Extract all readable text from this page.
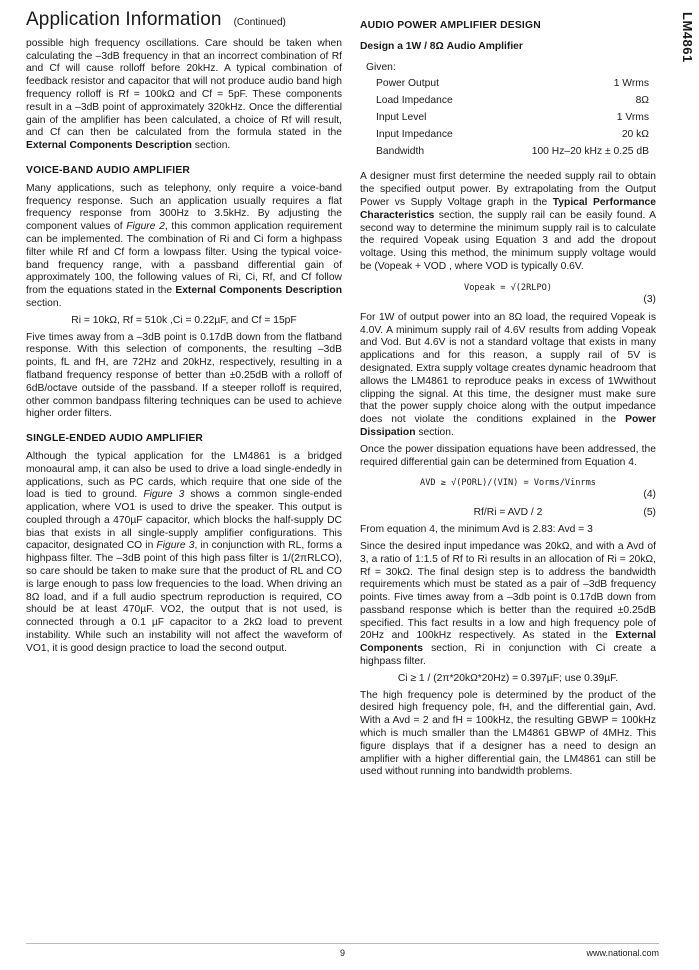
LM4861
Application Information (Continued)

possible high frequency oscillations. Care should be taken when calculating the –3dB frequency in that an incorrect combination of Rf and Cf will cause rolloff before 20kHz. A typical combination of feedback resistor and capacitor that will not produce audio band high frequency rolloff is Rf = 100kΩ and Cf = 5pF. These components result in a –3dB point of approximately 320kHz. Once the differential gain of the amplifier has been calculated, a choice of Rf will result, and Cf can then be calculated from the formula stated in the External Components Description section.

VOICE-BAND AUDIO AMPLIFIER

Many applications, such as telephony, only require a voice-band frequency response. Such an application usually requires a flat frequency response from 300Hz to 3.5kHz. By adjusting the component values of Figure 2, this common application requirement can be implemented. The combination of Ri and Ci form a highpass filter while Rf and Cf form a lowpass filter. Using the typical voice-band frequency range, with a passband differential gain of approximately 100, the following values of Ri, Ci, Rf, and Cf follow from the equations stated in the External Components Description section.

Ri = 10kΩ, Rf = 510k ,Ci = 0.22µF, and Cf = 15pF

Five times away from a –3dB point is 0.17dB down from the flatband response. With this selection of components, the resulting –3dB points, fL and fH, are 72Hz and 20kHz, respectively, resulting in a flatband frequency response of better than ±0.25dB with a rolloff of 6dB/octave outside of the passband. If a steeper rolloff is required, other common bandpass filtering techniques can be used to achieve higher order filters.

SINGLE-ENDED AUDIO AMPLIFIER

Although the typical application for the LM4861 is a bridged monoaural amp, it can also be used to drive a load single-endedly in applications, such as PC cards, which require that one side of the load is tied to ground. Figure 3 shows a common single-ended application, where VO1 is used to drive the speaker. This output is coupled through a 470µF capacitor, which blocks the half-supply DC bias that exists in all single-supply amplifier configurations. This capacitor, designated CO in Figure 3, in conjunction with RL, forms a highpass filter. The –3dB point of this high pass filter is 1/(2πRLCO), so care should be taken to make sure that the product of RL and CO is large enough to pass low frequencies to the load. When driving an 8Ω load, and if a full audio spectrum reproduction is required, CO should be at least 470µF. VO2, the output that is not used, is connected through a 0.1 µF capacitor to a 2kΩ load to prevent instability. While such an instability will not affect the waveform of VO1, it is good design practice to load the second output.

AUDIO POWER AMPLIFIER DESIGN
Design a 1W / 8Ω Audio Amplifier
Given:
Power Output	1 Wrms
Load Impedance	8Ω
Input Level	1 Vrms
Input Impedance	20 kΩ
Bandwidth	100 Hz–20 kHz ± 0.25 dB

A designer must first determine the needed supply rail to obtain the specified output power. By extrapolating from the Output Power vs Supply Voltage graph in the Typical Performance Characteristics section, the supply rail can be easily found. A second way to determine the minimum supply rail is to calculate the required Vopeak using Equation 3 and add the dropout voltage. Using this method, the minimum supply voltage would be (Vopeak + VOD , where VOD is typically 0.6V.

Vopeak = √(2RLPO)
(3)

For 1W of output power into an 8Ω load, the required Vopeak is 4.0V. A minimum supply rail of 4.6V results from adding Vopeak and Vod. But 4.6V is not a standard voltage that exists in many applications and for this reason, a supply rail of 5V is designated. Extra supply voltage creates dynamic headroom that allows the LM4861 to reproduce peaks in excess of 1Wwithout clipping the signal. At this time, the designer must make sure that the power supply choice along with the output impedance does not violate the conditions explained in the Power Dissipation section.

Once the power dissipation equations have been addressed, the required differential gain can be determined from Equation 4.

AVD ≥ √(PORL)/(VIN) = Vorms/Vinrms
(4)
Rf/Ri = AVD / 2	(5)

From equation 4, the minimum Avd is 2.83: Avd = 3

Since the desired input impedance was 20kΩ, and with a Avd of 3, a ratio of 1:1.5 of Rf to Ri results in an allocation of Ri = 20kΩ, Rf = 30kΩ. The final design step is to address the bandwidth requirements which must be stated as a pair of –3dB frequency points. Five times away from a –3db point is 0.17dB down from passband response which is better than the required ±0.25dB specified. This fact results in a low and high frequency pole of 20Hz and 100kHz respectively. As stated in the External Components section, Ri in conjunction with Ci create a highpass filter.

Ci ≥ 1 / (2π*20kΩ*20Hz) = 0.397µF; use 0.39µF.

The high frequency pole is determined by the product of the desired high frequency pole, fH, and the differential gain, Avd. With a Avd = 2 and fH = 100kHz, the resulting GBWP = 100kHz which is much smaller than the LM4861 GBWP of 4MHz. This figure displays that if a designer has a need to design an amplifier with a higher differential gain, the LM4861 can still be used without running into bandwidth problems.

9	www.national.com
